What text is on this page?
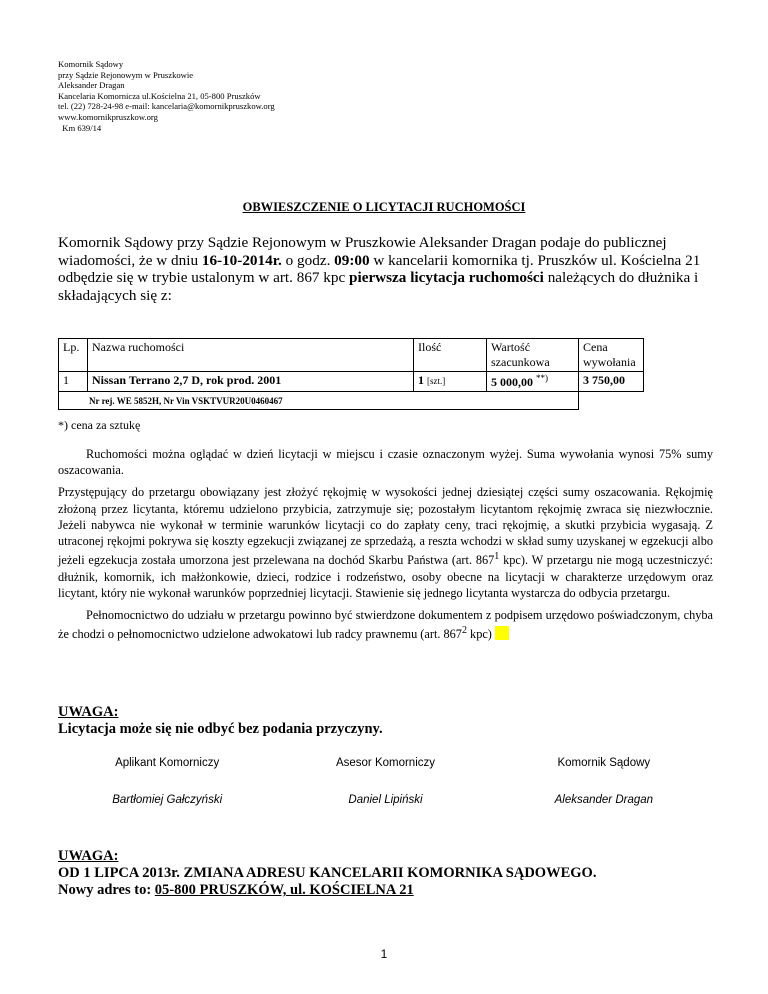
Komornik Sądowy
przy Sądzie Rejonowym w Pruszkowie
Aleksander Dragan
Kancelaria Komornicza ul.Kościelna 21, 05-800 Pruszków
tel. (22) 728-24-98 e-mail: kancelaria@komornikpruszkow.org
www.komornikpruszkow.org
Km 639/14
OBWIESZCZENIE O LICYTACJI RUCHOMOŚCI

Komornik Sądowy przy Sądzie Rejonowym w Pruszkowie Aleksander Dragan podaje do publicznej wiadomości, że w dniu 16-10-2014r. o godz. 09:00 w kancelarii komornika tj. Pruszków ul. Kościelna 21

odbędzie się w trybie ustalonym w art. 867 kpc pierwsza licytacja ruchomości należących do dłużnika i składających się z:

Lp.	Nazwa ruchomości	Ilość	Wartość szacunkowa	Cena wywołania
1	Nissan Terrano 2,7 D, rok prod. 2001	1 [szt.]	5 000,00 **)	3 750,00
Nr rej. WE 5852H, Nr Vin VSKTVUR20U0460467				
*) cena za sztukę

Ruchomości można oglądać w dzień licytacji w miejscu i czasie oznaczonym wyżej. Suma wywołania wynosi 75% sumy oszacowania.

Przystępujący do przetargu obowiązany jest złożyć rękojmię w wysokości jednej dziesiątej części sumy oszacowania. Rękojmię złożoną przez licytanta, któremu udzielono przybicia, zatrzymuje się; pozostałym licytantom rękojmię zwraca się niezwłocznie. Jeżeli nabywca nie wykonał w terminie warunków licytacji co do zapłaty ceny, traci rękojmię, a skutki przybicia wygasają. Z utraconej rękojmi pokrywa się koszty egzekucji związanej ze sprzedażą, a reszta wchodzi w skład sumy uzyskanej w egzekucji albo jeżeli egzekucja została umorzona jest przelewana na dochód Skarbu Państwa (art. $867^1$ kpc). W przetargu nie mogą uczestniczyć: dłużnik, komornik, ich małżonkowie, dzieci, rodzice i rodzeństwo, osoby obecne na licytacji w charakterze urzędowym oraz licytant, który nie wykonał warunków poprzedniej licytacji. Stawienie się jednego licytanta wystarcza do odbycia przetargu.

Pełnomocnictwo do udziału w przetargu powinno być stwierdzone dokumentem z podpisem urzędowo poświadczonym, chyba że chodzi o pełnomocnictwo udzielone adwokatowi lub radcy prawnemu (art. $867^2$ kpc)

UWAGA:
Licytacja może się nie odbyć bez podania przyczyny.
Aplikant Komorniczy	Asesor Komorniczy	Komornik Sądowy
Bartłomiej Gałczyński	Daniel Lipiński	Aleksander Dragan
UWAGA:
OD 1 LIPCA 2013r. ZMIANA ADRESU KANCELARII KOMORNIKA SĄDOWEGO.
Nowy adres to: 05-800 PRUSZKÓW, ul. KOŚCIELNA 21
1
